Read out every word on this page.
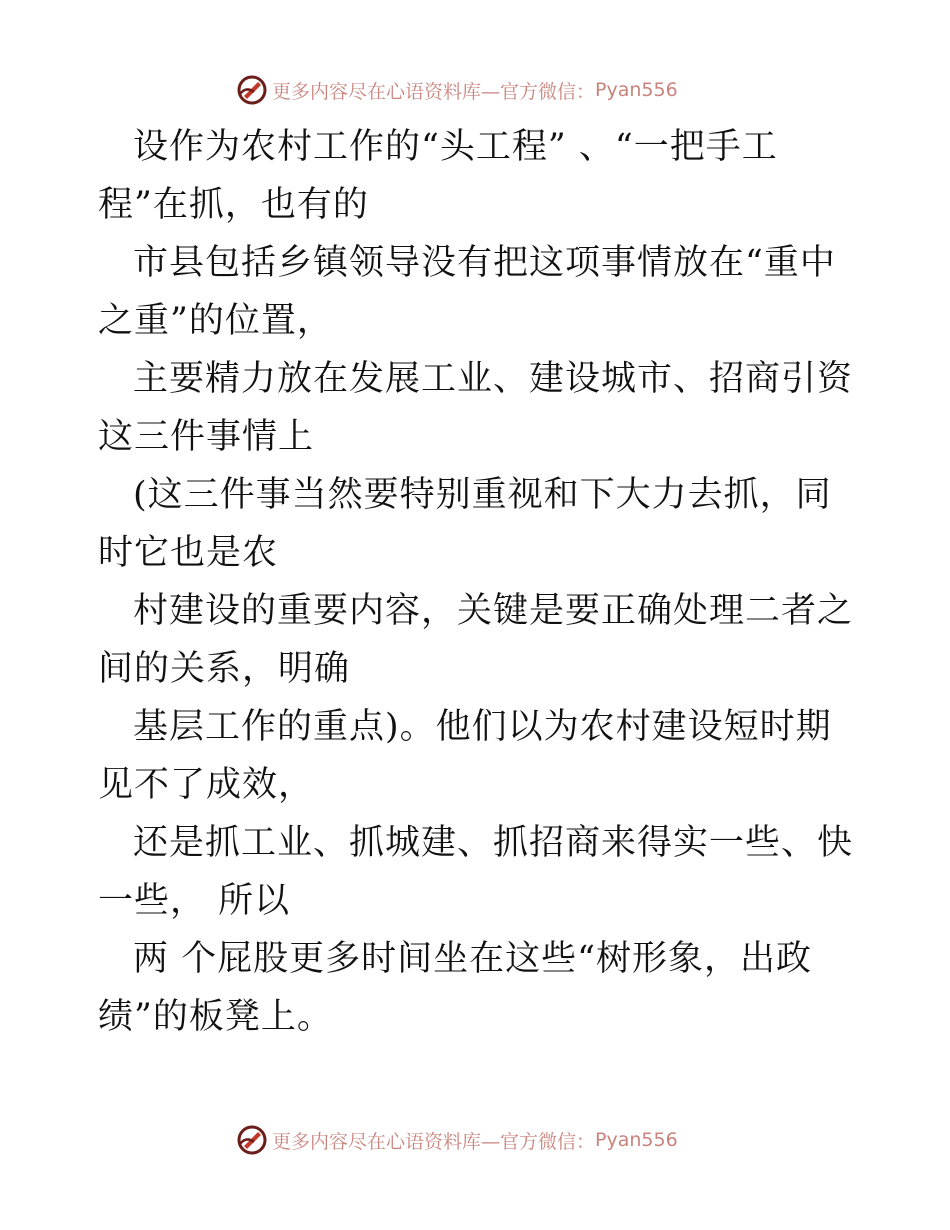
更多内容尽在心语资料库— 官方微信： Pyan556

设作为农村工作的“头工程” 、“一把手工程”在抓，也有的

市县包括乡镇领导没有把这项事情放在“重中之重”的位置，

主要精力放在发展工业、建设城市、招商引资这三件事情上

(这三件事当然要特别重视和下大力去抓，同时它也是农

村建设的重要内容，关键是要正确处理二者之间的关系，明确

基层工作的重点)。他们以为农村建设短时期见不了成效，

还是抓工业、抓城建、抓招商来得实一些、快一些， 所以

两 个屁股更多时间坐在这些“树形象，出政绩”的板凳上。

更多内容尽在心语资料库— 官方微信： Pyan556
